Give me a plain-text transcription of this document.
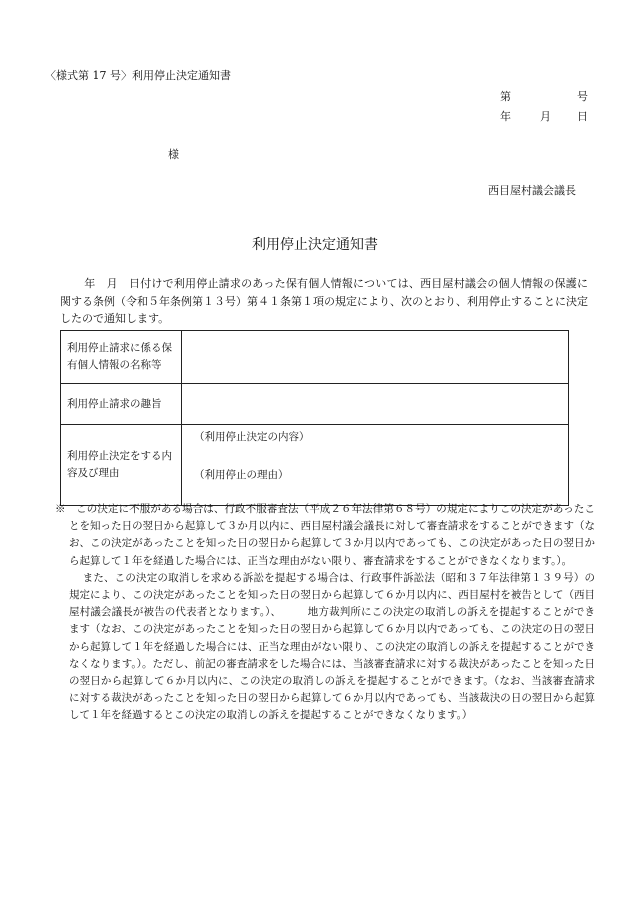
〈様式第 17 号〉利用停止決定通知書
第	号
年	月 日
様
西目屋村議会議長
利用停止決定通知書
年　月　日付けで利用停止請求のあった保有個人情報については、西目屋村議会の個人情報の保護に関する条例（令和５年条例第１３号）第４１条第１項の規定により、次のとおり、利用停止することに決定したので通知します。
利用停止請求に係る保有個人情報の名称等	
利用停止請求の趣旨	
利用停止決定をする内容及び理由	（利用停止決定の内容）
（利用停止の理由）

※　この決定に不服がある場合は、行政不服審査法（平成２６年法律第６８号）の規定によりこの決定があったことを知った日の翌日から起算して３か月以内に、西目屋村議会議長に対して審査請求をすることができます（なお、この決定があったことを知った日の翌日から起算して３か月以内であっても、この決定があった日の翌日から起算して１年を経過した場合には、正当な理由がない限り、審査請求をすることができなくなります。）。

また、この決定の取消しを求める訴訟を提起する場合は、行政事件訴訟法（昭和３７年法律第１３９号）の規定により、この決定があったことを知った日の翌日から起算して６か月以内に、西目屋村を被告として（西目屋村議会議長が被告の代表者となります。）、　　　地方裁判所にこの決定の取消しの訴えを提起することができます（なお、この決定があったことを知った日の翌日から起算して６か月以内であっても、この決定の日の翌日から起算して１年を経過した場合には、正当な理由がない限り、この決定の取消しの訴えを提起することができなくなります。）。ただし、前記の審査請求をした場合には、当該審査請求に対する裁決があったことを知った日の翌日から起算して６か月以内に、この決定の取消しの訴えを提起することができます。（なお、当該審査請求に対する裁決があったことを知った日の翌日から起算して６か月以内であっても、当該裁決の日の翌日から起算して１年を経過するとこの決定の取消しの訴えを提起することができなくなります。）
